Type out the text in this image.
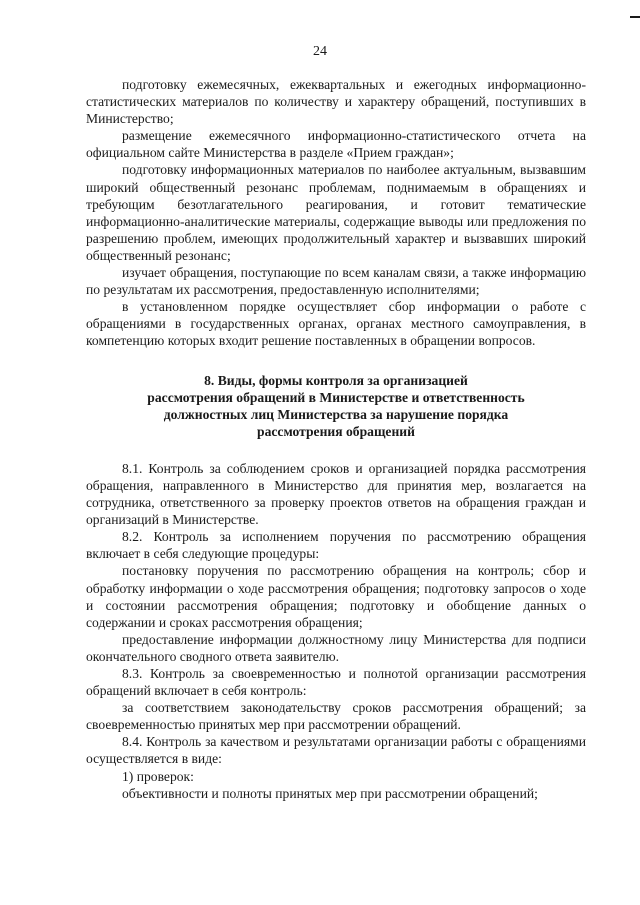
24

подготовку ежемесячных, ежеквартальных и ежегодных информационно-статистических материалов по количеству и характеру обращений, поступивших в Министерство;

размещение ежемесячного информационно-статистического отчета на официальном сайте Министерства в разделе «Прием граждан»;

подготовку информационных материалов по наиболее актуальным, вызвавшим широкий общественный резонанс проблемам, поднимаемым в обращениях и требующим безотлагательного реагирования, и готовит тематические информационно-аналитические материалы, содержащие выводы или предложения по разрешению проблем, имеющих продолжительный характер и вызвавших широкий общественный резонанс;

изучает обращения, поступающие по всем каналам связи, а также информацию по результатам их рассмотрения, предоставленную исполнителями;

в установленном порядке осуществляет сбор информации о работе с обращениями в государственных органах, органах местного самоуправления, в компетенцию которых входит решение поставленных в обращении вопросов.

8. Виды, формы контроля за организацией
рассмотрения обращений в Министерстве и ответственность
должностных лиц Министерства за нарушение порядка
рассмотрения обращений

8.1. Контроль за соблюдением сроков и организацией порядка рассмотрения обращения, направленного в Министерство для принятия мер, возлагается на сотрудника, ответственного за проверку проектов ответов на обращения граждан и организаций в Министерстве.

8.2. Контроль за исполнением поручения по рассмотрению обращения включает в себя следующие процедуры:

постановку поручения по рассмотрению обращения на контроль; сбор и обработку информации о ходе рассмотрения обращения; подготовку запросов о ходе и состоянии рассмотрения обращения; подготовку и обобщение данных о содержании и сроках рассмотрения обращения;

предоставление информации должностному лицу Министерства для подписи окончательного сводного ответа заявителю.

8.3. Контроль за своевременностью и полнотой организации рассмотрения обращений включает в себя контроль:

за соответствием законодательству сроков рассмотрения обращений; за своевременностью принятых мер при рассмотрении обращений.

8.4. Контроль за качеством и результатами организации работы с обращениями осуществляется в виде:

1) проверок:

объективности и полноты принятых мер при рассмотрении обращений;
